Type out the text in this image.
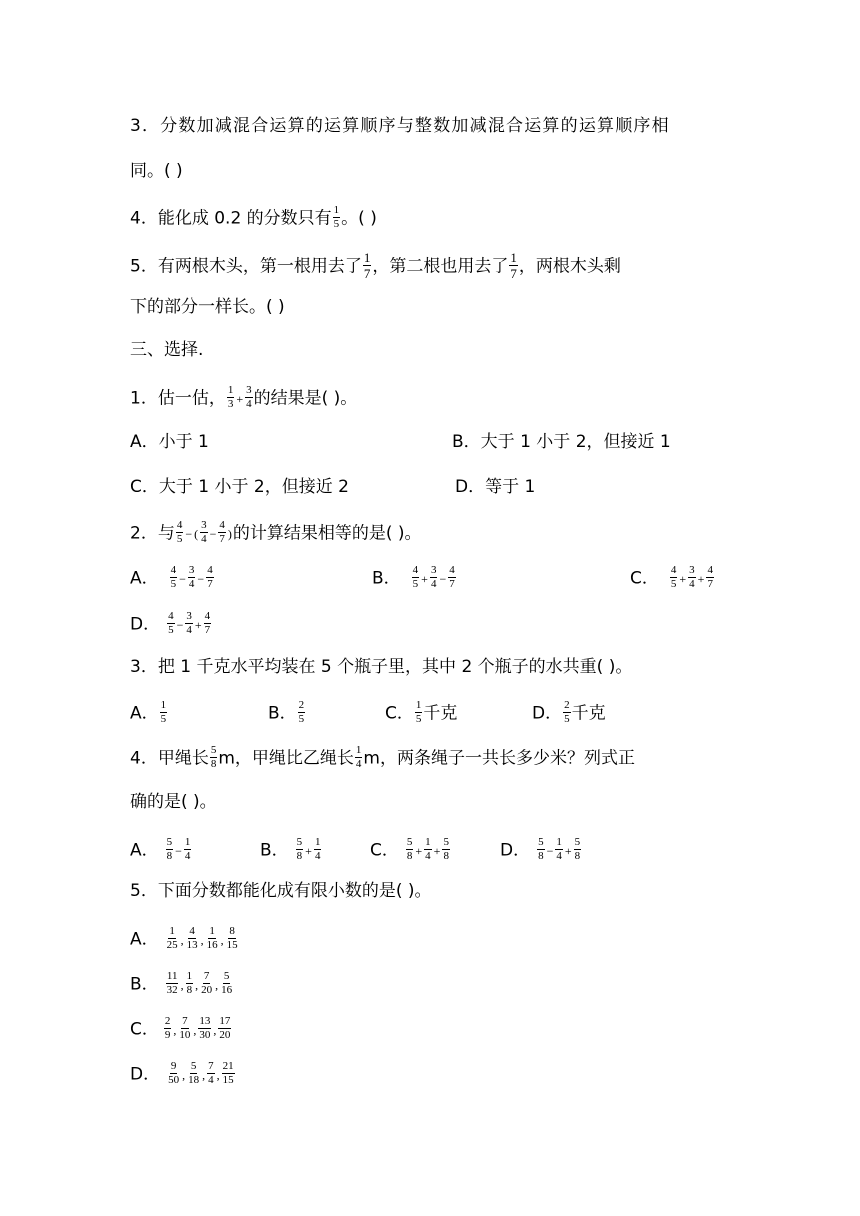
3．分数加减混合运算的运算顺序与整数加减混合运算的运算顺序相
同。( )
4．能化成 0.2 的分数只有 $\frac{1}{5}$ 。( )
5．有两根木头，第一根用去了 $\frac{1}{7}$ ，第二根也用去了 $\frac{1}{7}$ ，两根木头剩
下的部分一样长。( )
三、选择.
1．估一估， $\frac{1}{3} + \frac{3}{4}$ 的结果是( )。
A．小于 1	B．大于 1 小于 2，但接近 1
C．大于 1 小于 2，但接近 2	D．等于 1
2．与 $\frac{4}{5}$ − ( $\frac{3}{4} - \frac{4}{7}$ )的计算结果相等的是( )。
A． $\frac{4}{5} - \frac{3}{4} - \frac{4}{7}$	B． $\frac{4}{5} + \frac{3}{4} - \frac{4}{7}$	C． $\frac{4}{5} + \frac{3}{4} + \frac{4}{7}$
D． $\frac{4}{5} - \frac{3}{4} + \frac{4}{7}$
3．把 1 千克水平均装在 5 个瓶子里，其中 2 个瓶子的水共重( )。
A． $\frac{1}{5}$	B． $\frac{2}{5}$	C． $\frac{1}{5}$ 千克	D． $\frac{2}{5}$ 千克
4．甲绳长 $\frac{5}{8}$ m，甲绳比乙绳长 $\frac{1}{4}$ m，两条绳子一共长多少米？列式正
确的是( )。
A． $\frac{5}{8} - \frac{1}{4}$	B． $\frac{5}{8} + \frac{1}{4}$	C． $\frac{5}{8} + \frac{1}{4} + \frac{5}{8}$	D． $\frac{5}{8} - \frac{1}{4} + \frac{5}{8}$
5．下面分数都能化成有限小数的是( )。
A． $\frac{1}{25}$ , $\frac{4}{13}$ , $\frac{1}{16}$ , $\frac{8}{15}$
B． $\frac{11}{32}$ , $\frac{1}{8}$ , $\frac{7}{20}$ , $\frac{5}{16}$
C． $\frac{2}{9}$ , $\frac{7}{10}$ , $\frac{13}{30}$ , $\frac{17}{20}$
D． $\frac{9}{50}$ , $\frac{5}{18}$ , $\frac{7}{4}$ , $\frac{21}{15}$
